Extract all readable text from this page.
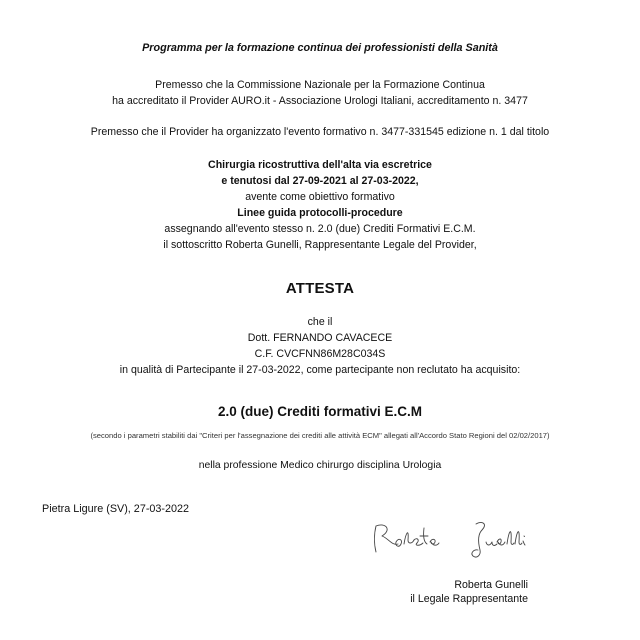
Programma per la formazione continua dei professionisti della Sanità
Premesso che la Commissione Nazionale per la Formazione Continua
ha accreditato il Provider AURO.it - Associazione Urologi Italiani, accreditamento n. 3477
Premesso che il Provider ha organizzato l'evento formativo n. 3477-331545 edizione n. 1 dal titolo
Chirurgia ricostruttiva dell'alta via escretrice
e tenutosi dal 27-09-2021 al 27-03-2022,
avente come obiettivo formativo
Linee guida protocolli-procedure
assegnando all'evento stesso n. 2.0 (due) Crediti Formativi E.C.M.
il sottoscritto Roberta Gunelli, Rappresentante Legale del Provider,
ATTESTA
che il
Dott. FERNANDO CAVACECE
C.F. CVCFNN86M28C034S
in qualità di Partecipante il 27-03-2022, come partecipante non reclutato ha acquisito:
2.0 (due) Crediti formativi E.C.M
(secondo i parametri stabiliti dai "Criteri per l'assegnazione dei crediti alle attività ECM" allegati all'Accordo Stato Regioni del 02/02/2017)
nella professione Medico chirurgo disciplina Urologia
Pietra Ligure (SV), 27-03-2022
Roberta Gunelli
il Legale Rappresentante
